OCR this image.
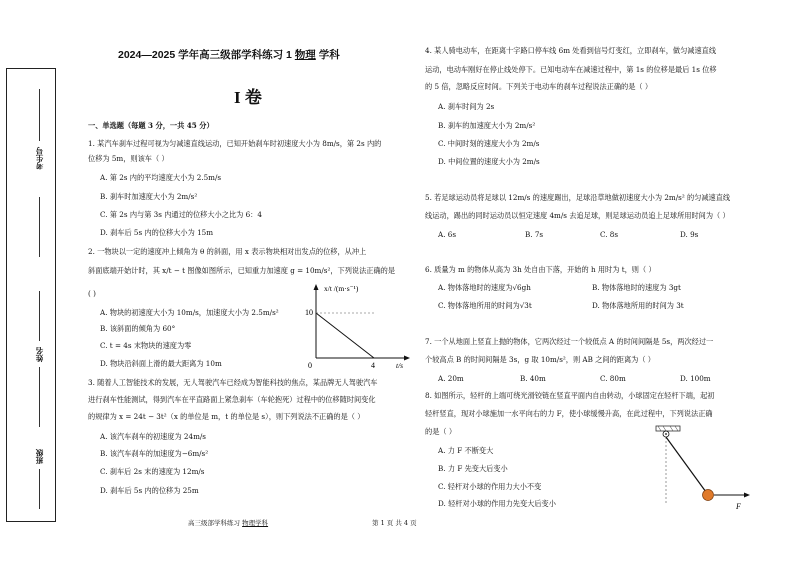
考生号
姓名
班级
2024—2025 学年高三级部学科练习 1 物理 学科
I 卷
一、单选题（每题 3 分，一共 45 分）
1. 某汽车刹车过程可视为匀减速直线运动，已知开始刹车时初速度大小为 8m/s，第 2s 内的
位移为 5m，则该车（ ）
A. 第 2s 内的平均速度大小为 2.5m/s
B. 刹车时加速度大小为 2m/s²
C. 第 2s 内与第 3s 内通过的位移大小之比为 6：4
D. 刹车后 5s 内的位移大小为 15m
2. 一物块以一定的速度冲上倾角为 θ 的斜面，用 x 表示物块相对出发点的位移，从冲上
斜面底端开始计时，其 x/t − t 图像如图所示，已知重力加速度 g = 10m/s²，下列说法正确的是
( )
A. 物块的初速度大小为 10m/s，加速度大小为 2.5m/s²
B. 该斜面的倾角为 60°
C. t = 4s 末物块的速度为零
D. 物块沿斜面上滑的最大距离为 10m
x/t /(m·s⁻¹)
t/s
10
4
0
3. 随着人工智能技术的发展，无人驾驶汽车已经成为智能科技的焦点，某品牌无人驾驶汽车
进行刹车性能测试，得到汽车在平直路面上紧急刹车（车轮抱死）过程中的位移随时间变化
的规律为 x = 24t − 3t²（x 的单位是 m，t 的单位是 s），则下列说法不正确的是（ ）
A. 该汽车刹车的初速度为 24m/s
B. 该汽车刹车的加速度为−6m/s²
C. 刹车后 2s 末的速度为 12m/s
D. 刹车后 5s 内的位移为 25m
4. 某人骑电动车，在距离十字路口停车线 6m 处看到信号灯变红，立即刹车，做匀减速直线
运动，电动车刚好在停止线处停下。已知电动车在减速过程中，第 1s 的位移是最后 1s 位移
的 5 倍，忽略反应时间。下列关于电动车的刹车过程说法正确的是（ ）
A. 刹车时间为 2s
B. 刹车的加速度大小为 2m/s²
C. 中间时刻的速度大小为 2m/s
D. 中间位置的速度大小为 2m/s
5. 若足球运动员将足球以 12m/s 的速度踢出，足球沿草地做初速度大小为 2m/s² 的匀减速直线
线运动，踢出的同时运动员以恒定速度 4m/s 去追足球，则足球运动员追上足球所用时间为（ ）
A. 6s	B. 7s	C. 8s	D. 9s
6. 质量为 m 的物体从高为 3h 处自由下落，开始的 h 用时为 t，则（ ）
A. 物体落地时的速度为√6gh	B. 物体落地时的速度为 3gt
C. 物体落地所用的时间为√3t	D. 物体落地所用的时间为 3t
7. 一个从地面上竖直上抛的物体，它两次经过一个较低点 A 的时间间隔是 5s，两次经过一
个较高点 B 的时间间隔是 3s，g 取 10m/s²，则 AB 之间的距离为（ ）
A. 20m	B. 40m	C. 80m	D. 100m
8. 如图所示，轻杆的上端可绕光滑铰链在竖直平面内自由转动，小球固定在轻杆下端，起初
轻杆竖直，现对小球施加一水平向右的力 F，使小球缓慢升高，在此过程中，下列说法正确
的是（ ）
A. 力 F 不断变大
B. 力 F 先变大后变小
C. 轻杆对小球的作用力大小不变
D. 轻杆对小球的作用力先变大后变小	F
高三级部学科练习 物理学科	第 1 页 共 4 页
